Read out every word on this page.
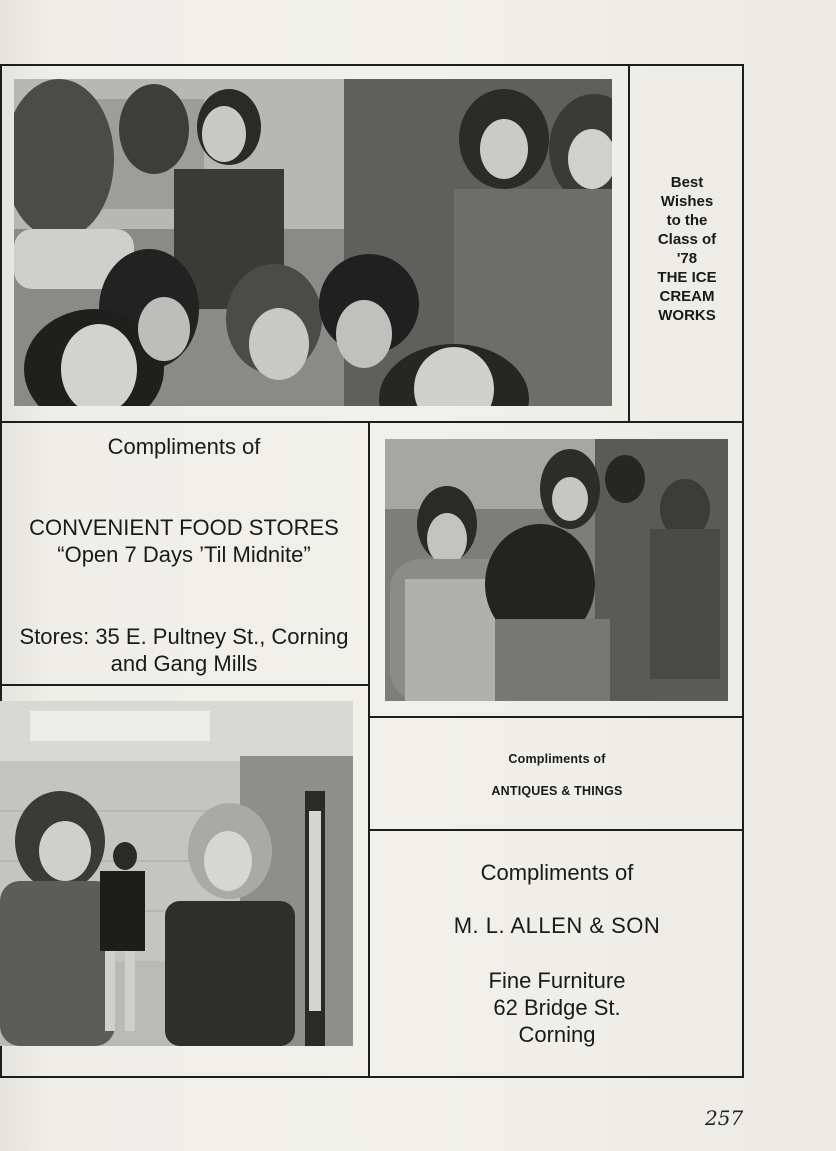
Best
Wishes
to the
Class of
'78
THE ICE
CREAM
WORKS
Compliments of
CONVENIENT FOOD STORES
“Open 7 Days ’Til Midnite”
Stores: 35 E. Pultney St., Corning
and Gang Mills
Compliments of
ANTIQUES & THINGS
Compliments of
M. L. ALLEN & SON
Fine Furniture
62 Bridge St.
Corning
257
